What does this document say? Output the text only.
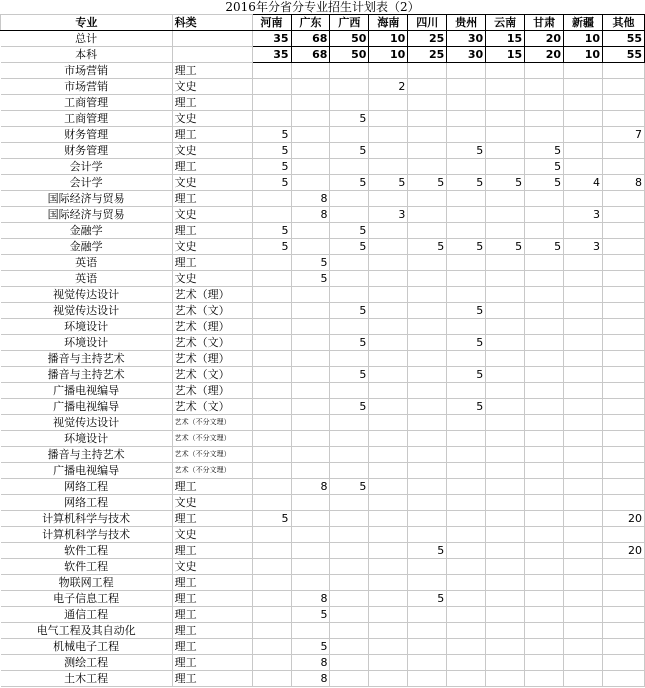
2016年分省分专业招生计划表（2）
专业	科类	河南	广东	广西	海南	四川	贵州	云南	甘肃	新疆	其他
总计		35	68	50	10	25	30	15	20	10	55
本科		35	68	50	10	25	30	15	20	10	55
市场营销	理工										
市场营销	文史				2						
工商管理	理工										
工商管理	文史			5							
财务管理	理工	5									7
财务管理	文史	5		5			5		5		
会计学	理工	5							5		
会计学	文史	5		5	5	5	5	5	5	4	8
国际经济与贸易	理工		8								
国际经济与贸易	文史		8		3					3	
金融学	理工	5		5							
金融学	文史	5		5		5	5	5	5	3	
英语	理工		5								
英语	文史		5								
视觉传达设计	艺术（理）										
视觉传达设计	艺术（文）			5			5				
环境设计	艺术（理）										
环境设计	艺术（文）			5			5				
播音与主持艺术	艺术（理）										
播音与主持艺术	艺术（文）			5			5				
广播电视编导	艺术（理）										
广播电视编导	艺术（文）			5			5				
视觉传达设计	艺术（不分文理）										
环境设计	艺术（不分文理）										
播音与主持艺术	艺术（不分文理）										
广播电视编导	艺术（不分文理）										
网络工程	理工		8	5							
网络工程	文史										
计算机科学与技术	理工	5									20
计算机科学与技术	文史										
软件工程	理工					5					20
软件工程	文史										
物联网工程	理工										
电子信息工程	理工		8			5					
通信工程	理工		5								
电气工程及其自动化	理工										
机械电子工程	理工		5								
测绘工程	理工		8								
土木工程	理工		8								
